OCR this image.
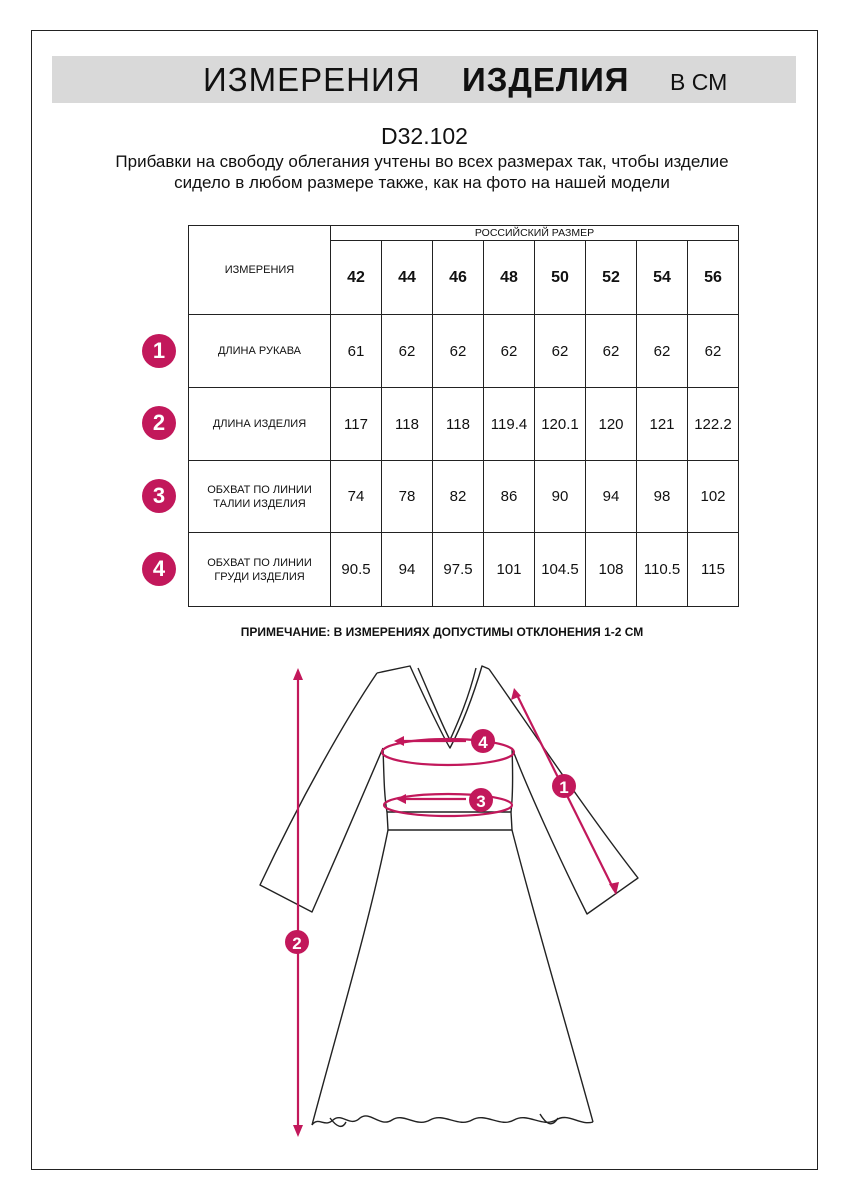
ИЗМЕРЕНИЯ ИЗДЕЛИЯ В СМ
D32.102
Прибавки на свободу облегания учтены во всех размерах так, чтобы изделие сидело в любом размере также, как на фото на нашей модели
ИЗМЕРЕНИЯ	РОССИЙСКИЙ РАЗМЕР							
	42	44	46	48	50	52	54	56
ДЛИНА РУКАВА	61	62	62	62	62	62	62	62
ДЛИНА ИЗДЕЛИЯ	117	118	118	119.4	120.1	120	121	122.2
ОБХВАТ ПО ЛИНИИ ТАЛИИ ИЗДЕЛИЯ	74	78	82	86	90	94	98	102
ОБХВАТ ПО ЛИНИИ ГРУДИ ИЗДЕЛИЯ	90.5	94	97.5	101	104.5	108	110.5	115
1
2
3
4
ПРИМЕЧАНИЕ: В ИЗМЕРЕНИЯХ ДОПУСТИМЫ ОТКЛОНЕНИЯ 1-2 СМ
4
3
1
2
